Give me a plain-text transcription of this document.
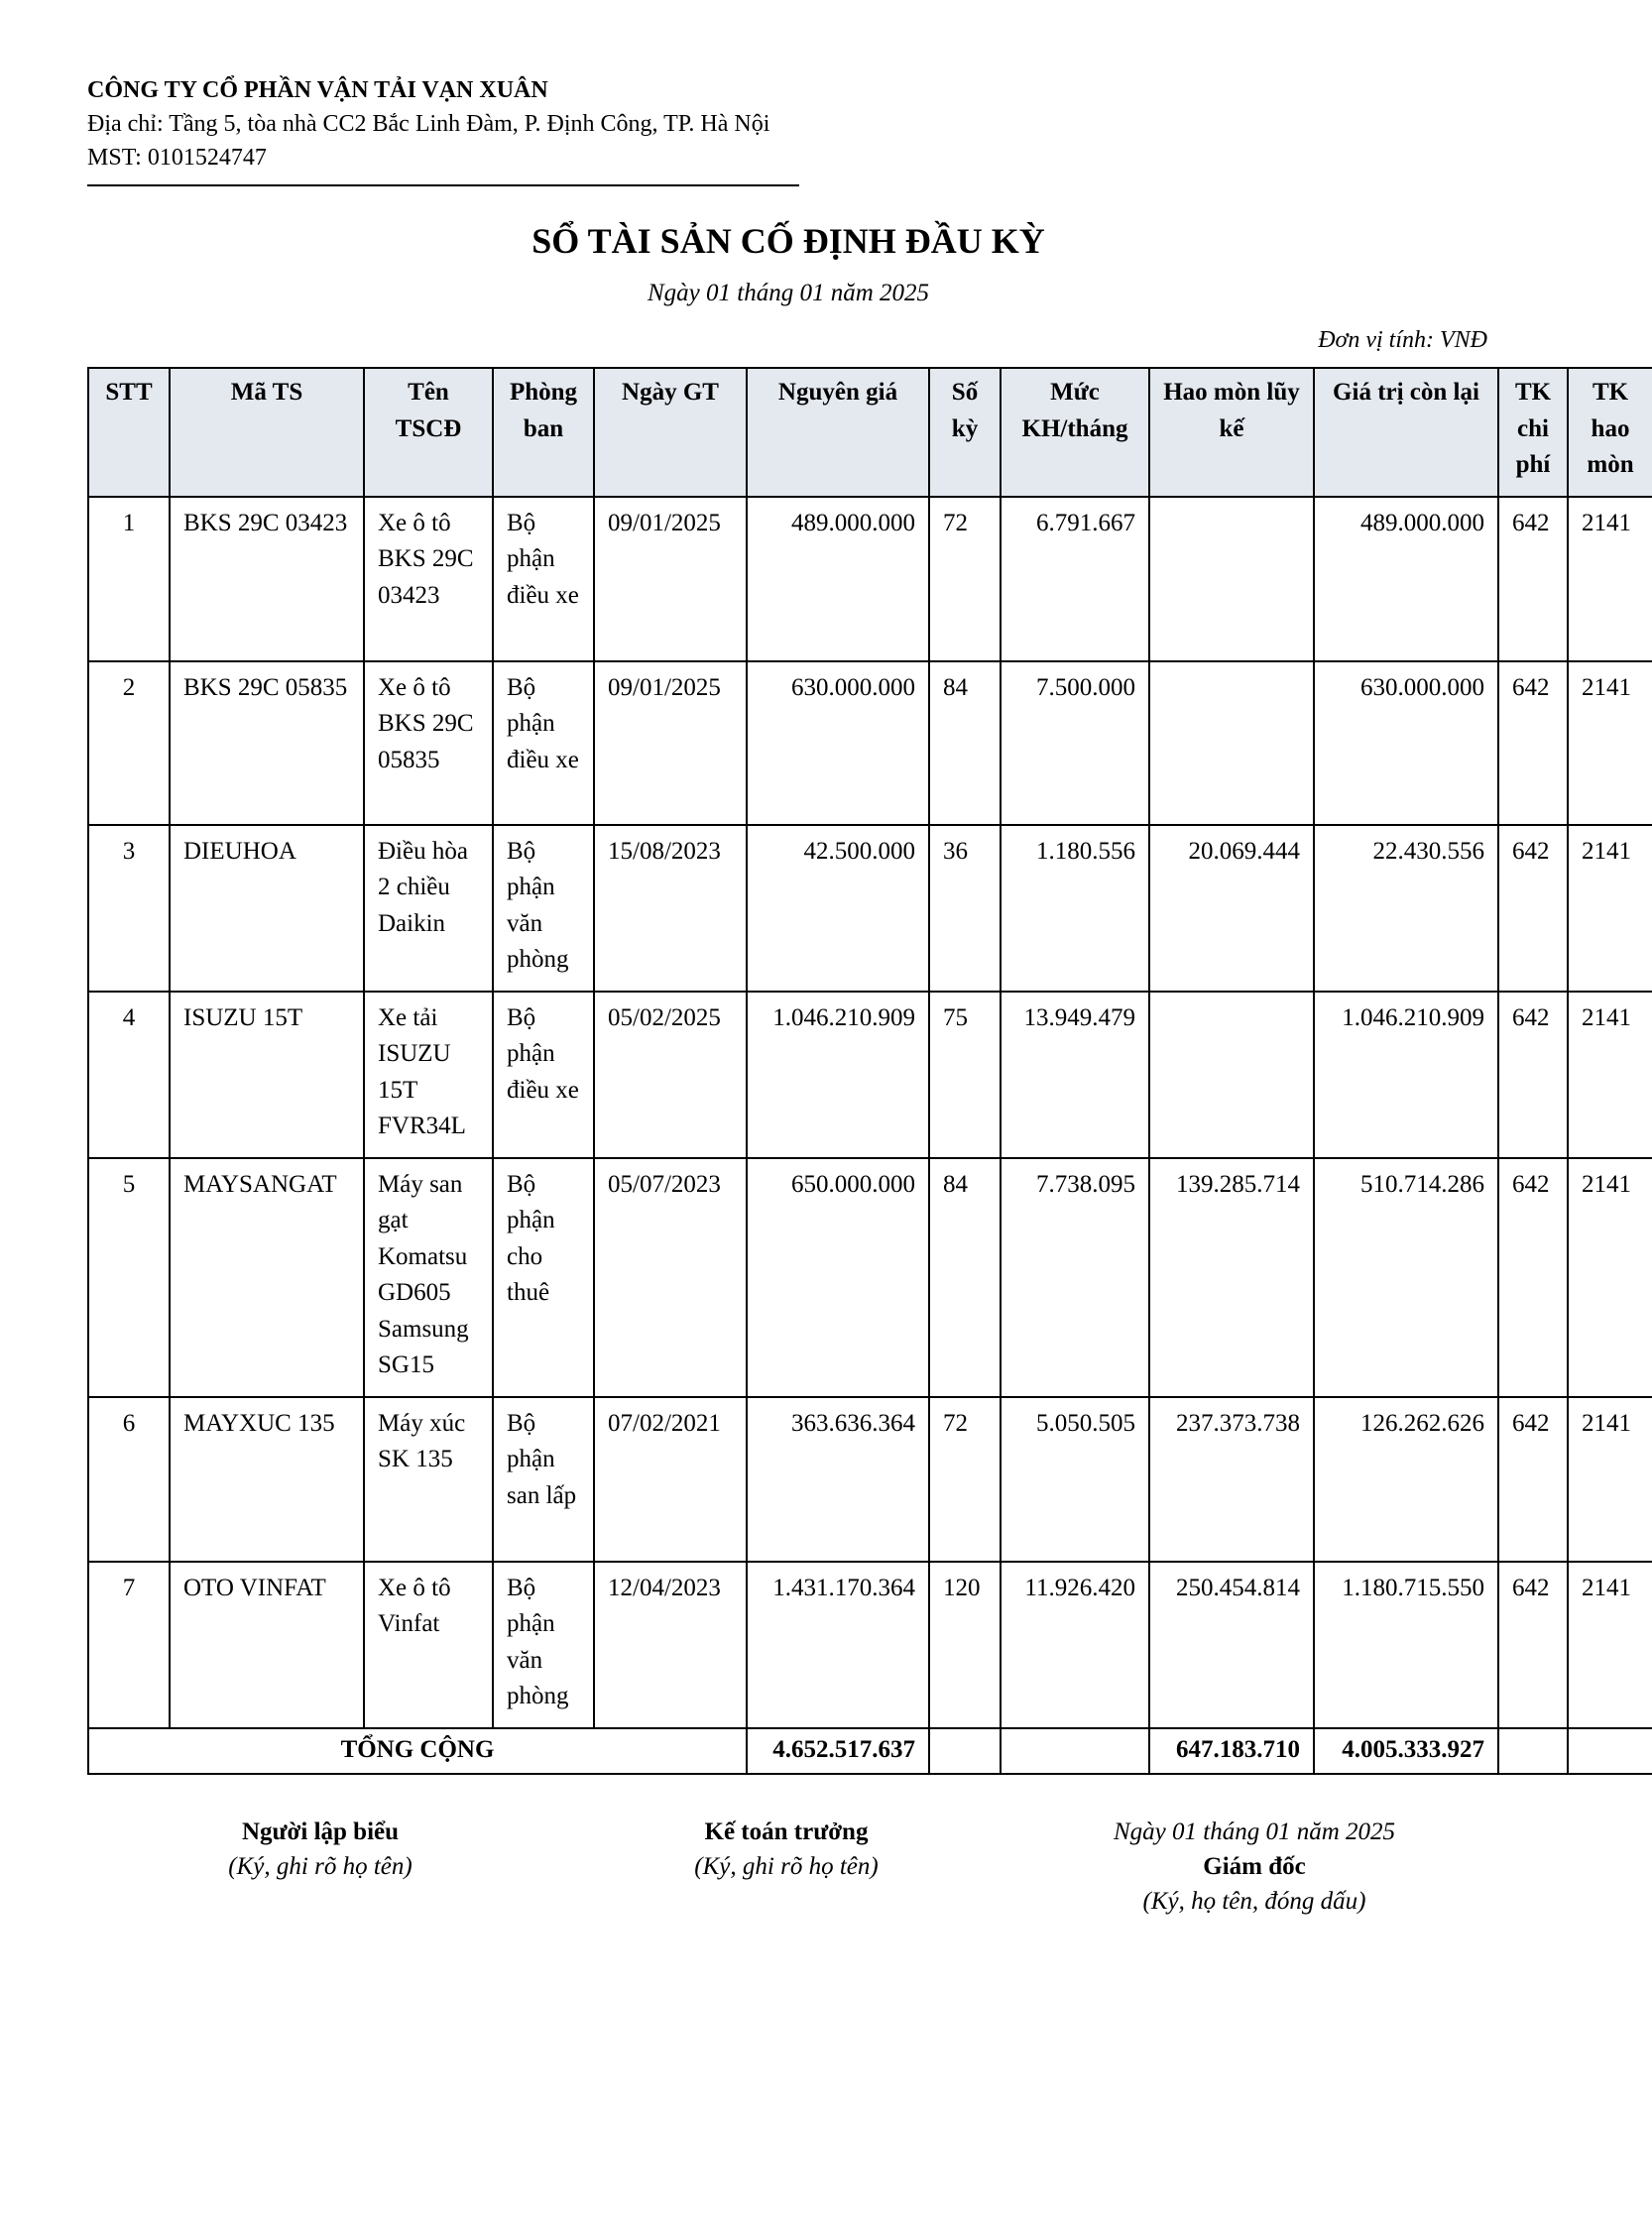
CÔNG TY CỔ PHẦN VẬN TẢI VẠN XUÂN
Địa chỉ: Tầng 5, tòa nhà CC2 Bắc Linh Đàm, P. Định Công, TP. Hà Nội
MST: 0101524747
SỔ TÀI SẢN CỐ ĐỊNH ĐẦU KỲ
Ngày 01 tháng 01 năm 2025
Đơn vị tính: VNĐ
STT	Mã TS	Tên TSCĐ	Phòng ban	Ngày GT	Nguyên giá	Số kỳ	Mức KH/tháng	Hao mòn lũy kế	Giá trị còn lại	TK chi phí	TK hao mòn
1	BKS 29C 03423	Xe ô tô BKS 29C 03423	Bộ phận điều xe	09/01/2025	489.000.000	72	6.791.667		489.000.000	642	2141
2	BKS 29C 05835	Xe ô tô BKS 29C 05835	Bộ phận điều xe	09/01/2025	630.000.000	84	7.500.000		630.000.000	642	2141
3	DIEUHOA	Điều hòa 2 chiều Daikin	Bộ phận văn phòng	15/08/2023	42.500.000	36	1.180.556	20.069.444	22.430.556	642	2141
4	ISUZU 15T	Xe tải ISUZU 15T FVR34L	Bộ phận điều xe	05/02/2025	1.046.210.909	75	13.949.479		1.046.210.909	642	2141
5	MAYSANGAT	Máy san gạt Komatsu GD605 Samsung SG15	Bộ phận cho thuê	05/07/2023	650.000.000	84	7.738.095	139.285.714	510.714.286	642	2141
6	MAYXUC 135	Máy xúc SK 135	Bộ phận san lấp	07/02/2021	363.636.364	72	5.050.505	237.373.738	126.262.626	642	2141
7	OTO VINFAT	Xe ô tô Vinfat	Bộ phận văn phòng	12/04/2023	1.431.170.364	120	11.926.420	250.454.814	1.180.715.550	642	2141
TỔNG CỘNG					4.652.517.637			647.183.710	4.005.333.927		
Người lập biểu
(Ký, ghi rõ họ tên)
Kế toán trưởng
(Ký, ghi rõ họ tên)
Ngày 01 tháng 01 năm 2025
Giám đốc
(Ký, họ tên, đóng dấu)
